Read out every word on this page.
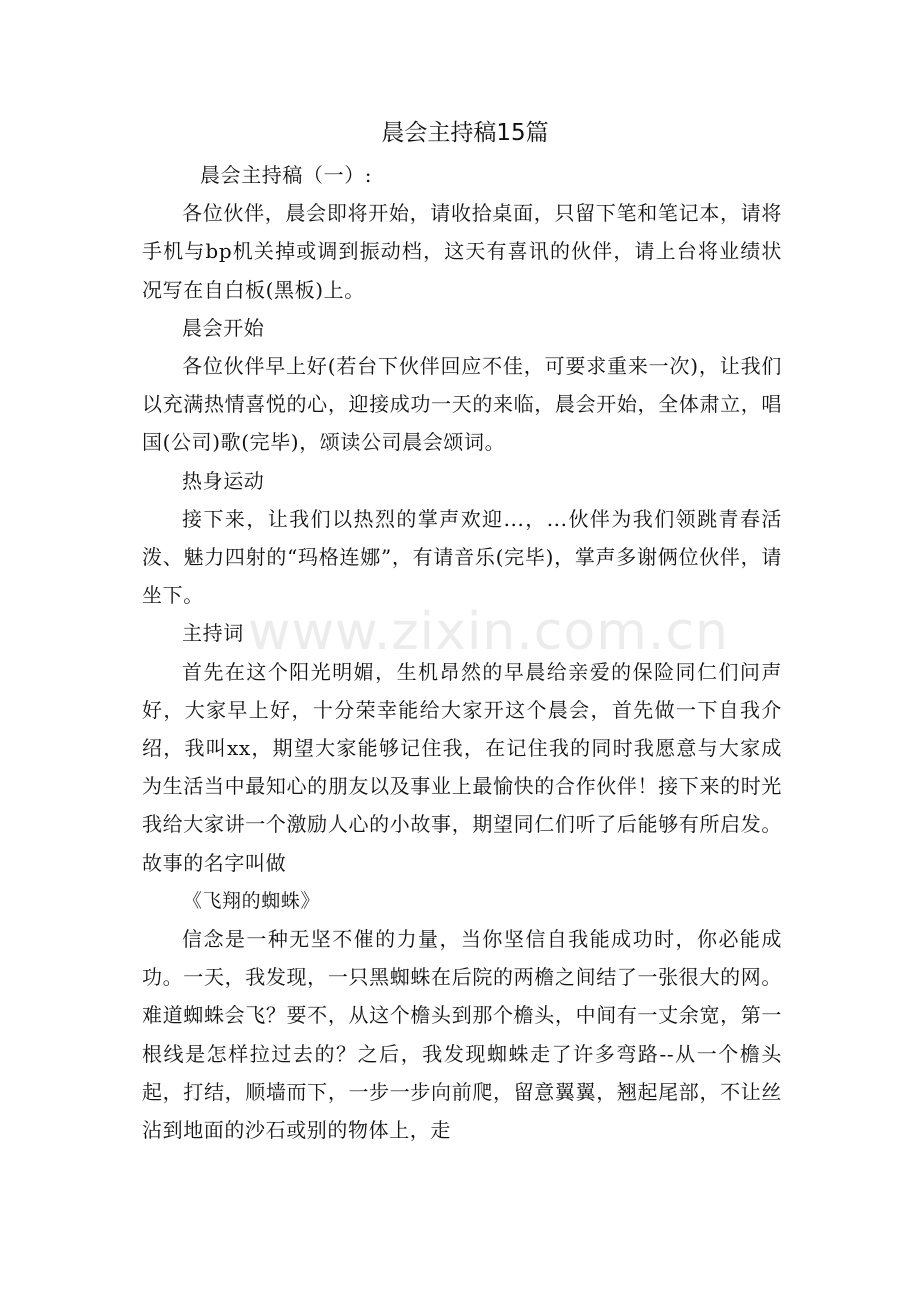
晨会主持稿15篇

晨会主持稿（一）:

各位伙伴，晨会即将开始，请收拾桌面，只留下笔和笔记本，请将手机与bp机关掉或调到振动档，这天有喜讯的伙伴，请上台将业绩状况写在自白板(黑板)上。

晨会开始

各位伙伴早上好(若台下伙伴回应不佳，可要求重来一次)，让我们以充满热情喜悦的心，迎接成功一天的来临，晨会开始，全体肃立，唱国(公司)歌(完毕)，颂读公司晨会颂词。

热身运动

接下来，让我们以热烈的掌声欢迎...，...伙伴为我们领跳青春活泼、魅力四射的“玛格连娜”，有请音乐(完毕)，掌声多谢俩位伙伴，请坐下。

主持词

首先在这个阳光明媚，生机昂然的早晨给亲爱的保险同仁们问声好，大家早上好，十分荣幸能给大家开这个晨会，首先做一下自我介绍，我叫xx，期望大家能够记住我，在记住我的同时我愿意与大家成为生活当中最知心的朋友以及事业上最愉快的合作伙伴！接下来的时光我给大家讲一个激励人心的小故事，期望同仁们听了后能够有所启发。故事的名字叫做

《飞翔的蜘蛛》

信念是一种无坚不催的力量，当你坚信自我能成功时，你必能成功。一天，我发现，一只黑蜘蛛在后院的两檐之间结了一张很大的网。难道蜘蛛会飞？要不，从这个檐头到那个檐头，中间有一丈余宽，第一根线是怎样拉过去的？之后，我发现蜘蛛走了许多弯路--从一个檐头起，打结，顺墙而下，一步一步向前爬，留意翼翼，翘起尾部，不让丝沾到地面的沙石或别的物体上，走

www.zixin.com.cn
